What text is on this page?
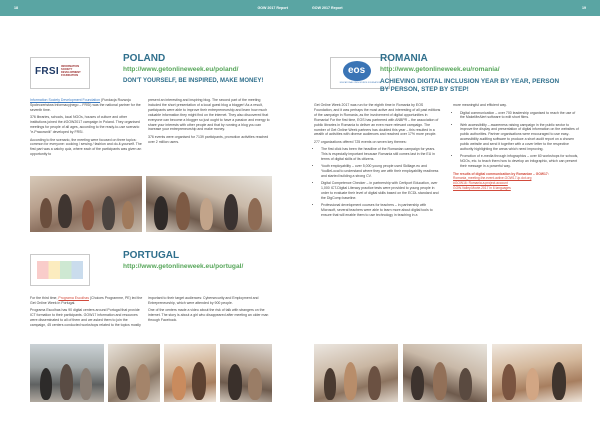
18	GOW 2017 Report
FRSI INFORMATION SOCIETY DEVELOPMENT FOUNDATION
POLAND
http://www.getonlineweek.eu/poland/
DON'T YOURSELF, BE INSPIRED, MAKE MONEY!

Information Society Development Foundation (Fundacja Rozwoju Społeczeństwa Informacyjnego – FRSI) was the national partner for the seventh time.

376 libraries, schools, local NGOs, houses of culture and other institutions joined the #GOW2017 campaign in Poland. They organised meetings for people of all ages, according to the ready-to-use scenario "e-Pracownik" developed by FRSI.

According to the scenario, the meeting were focused on three topics: common for everyone: cooking / sewing / fashion and do-it-yourself. The first part was a catchy quiz, where each of the participants was given an opportunity to

present an interesting and inspiring blog. The second part of the meeting included the short presentation of a local guest blog a blogger! As a result, participants were able to improve their entrepreneurship and learn how much valuable information they might find on the internet. They also discovered that everyone can become a blogger so just ought to have a passion and energy to share your interests with other people and that by running a blog you can increase your entrepreneurship and make money.

376 events were organised for 7139 participants, promotion activities reached over 2 million users.

PORTUGAL
http://www.getonlineweek.eu/portugal/

For the third time, Programa Escolhas (Choices Programme, PE) led the Get Online Week in Portugal.

Programa Escolhas has 90 digital centers around Portugal that provide ICT formation to their participants. GOW17 information and resources were disseminated to all of them and we asked them to join the campaign, 45 centers conducted workshops related to the topics mostly

important to their target audiences: Cybersecurity and Employment and Entrepreneurship, which were attended by 900 people.

One of the centers made a video about the risk of talk with strangers on the internet. The story is about a girl who disappeared after meeting an older man through Facebook.

GOW 2017 Report	19
eos
EDUCATIONAL OPEN SOURCE FOUNDATION
ROMANIA
http://www.getonlineweek.eu/romania/
ACHIEVING DIGITAL INCLUSION YEAR BY YEAR, PERSON BY PERSON, STEP BY STEP!

Get Online Week 2017 was run for the eighth time in Romania by EOS Foundation, and it was perhaps the most active and interesting of all past editions of the campaign in Romania, as the involvement of digital opportunities in Romania! For the first time, EOS has partnered with ANBPR – the association of public libraries in Romania to deliver an even more relevant campaign. The number of Get Online Week partners has doubled this year – this resulted in a wealth of activities with diverse audiences and reached over 17% more people.

277 organizations offered 725 events on seven key themes:

• The first click has been the headline of the Romanian campaign for years. This is especially important because Romania still comes last in the EU in terms of digital skills of its citizens.
• Youth employability – over 5,000 young people used Skillage.eu and YouBeLocal to understand where they are with their employability readiness and started building a strong CV.
• Digital Competence Checker – in partnership with Certiport Education, over 1,000 ICT-Digital Literacy practice tests were provided to young people in order to evaluate their level of digital skills based on the ECDL standard and the DigComp baseline.
• Professional development courses for teachers – in partnership with Microsoft, several teachers were able to learn more about digital tools to ensure that will enable them to use technology in teaching in a

more meaningful and efficient way.

• Digital communication – over 700 leadership organised to reach the use of the MakeMeAlert software to edit short films.
• Web accessibility – awareness raising campaign in the public sector to improve the display and presentation of digital information on the websites of public authorities. Partner organisations were encouraged to use easy-accessibility auditing software to produce a short audit report on a chosen public website and send it together with a cover letter to the respective authority highlighting the areas which need improving.
• Promotion of e-media through infographics – over 60 workshops for schools, NGOs, etc. to teach them how to develop an infographic, which can present their message in a powerful way.
The results of digital communication by Romanian – GOW17:
Romania_meeting.the.event.active.GOW17-ip.dot.org
#GOW16: Romania.a.project.account
GOW.Valley.Movie.2017 in 6 languages
